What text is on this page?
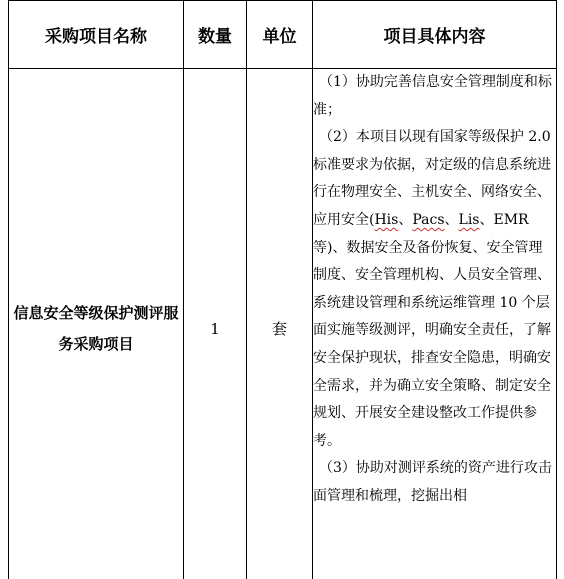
采购项目名称	数量	单位	项目具体内容
信息安全等级保护测评服务采购项目	1	套	（1）协助完善信息安全管理制度和标准；

（2）本项目以现有国家等级保护 2.0 标准要求为依据，对定级的信息系统进行在物理安全、主机安全、网络安全、应用安全(His、Pacs、Lis、EMR 等)、数据安全及备份恢复、安全管理制度、安全管理机构、人员安全管理、系统建设管理和系统运维管理 10 个层面实施等级测评，明确安全责任，了解安全保护现状，排查安全隐患，明确安全需求，并为确立安全策略、制定安全规划、开展安全建设整改工作提供参考。

（3）协助对测评系统的资产进行攻击面管理和梳理，挖掘出相
